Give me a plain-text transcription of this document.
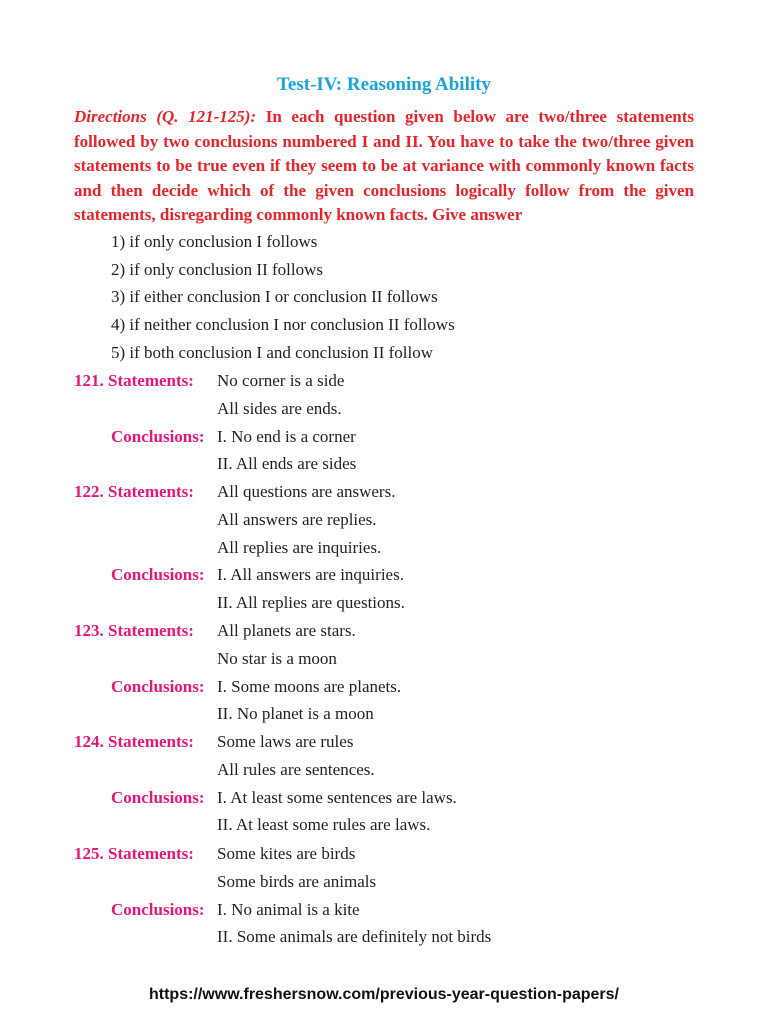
Test-IV: Reasoning Ability
Directions (Q. 121-125): In each question given below are two/three statements followed by two conclusions numbered I and II. You have to take the two/three given statements to be true even if they seem to be at variance with commonly known facts and then decide which of the given conclusions logically follow from the given statements, disregarding commonly known facts. Give answer
1) if only conclusion I follows
2) if only conclusion II follows
3) if either conclusion I or conclusion II follows
4) if neither conclusion I nor conclusion II follows
5) if both conclusion I and conclusion II follow
121. Statements: No corner is a side
All sides are ends.
Conclusions: I. No end is a corner
II. All ends are sides
122. Statements: All questions are answers.
All answers are replies.
All replies are inquiries.
Conclusions: I. All answers are inquiries.
II. All replies are questions.
123. Statements: All planets are stars.
No star is a moon
Conclusions: I. Some moons are planets.
II. No planet is a moon
124. Statements: Some laws are rules
All rules are sentences.
Conclusions: I. At least some sentences are laws.
II. At least some rules are laws.
125. Statements: Some kites are birds
Some birds are animals
Conclusions: I. No animal is a kite
II. Some animals are definitely not birds
https://www.freshersnow.com/previous-year-question-papers/
